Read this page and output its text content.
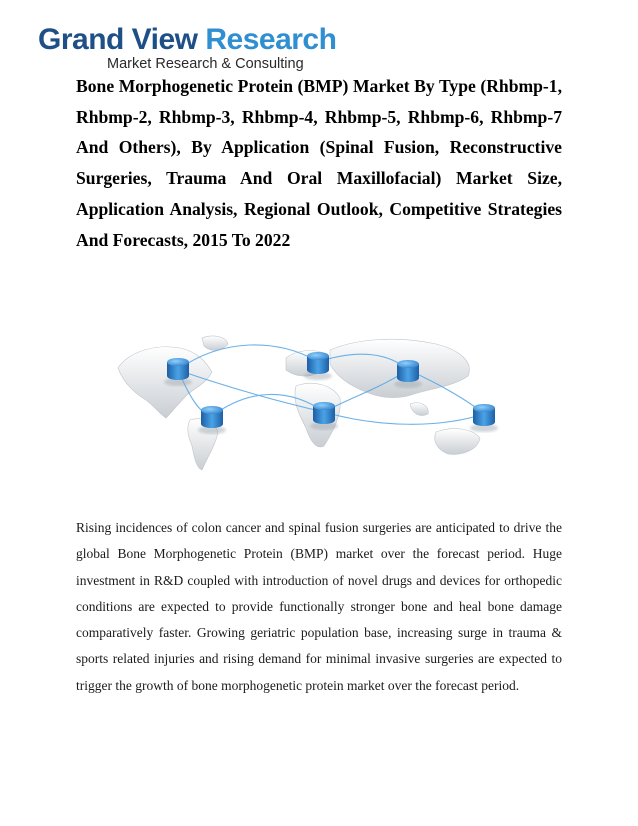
Grand View Research
Market Research & Consulting
Bone Morphogenetic Protein (BMP) Market By Type (Rhbmp-1, Rhbmp-2, Rhbmp-3, Rhbmp-4, Rhbmp-5, Rhbmp-6, Rhbmp-7 And Others), By Application (Spinal Fusion, Reconstructive Surgeries, Trauma And Oral Maxillofacial) Market Size, Application Analysis, Regional Outlook, Competitive Strategies And Forecasts, 2015 To 2022

Rising incidences of colon cancer and spinal fusion surgeries are anticipated to drive the global Bone Morphogenetic Protein (BMP) market over the forecast period. Huge investment in R&D coupled with introduction of novel drugs and devices for orthopedic conditions are expected to provide functionally stronger bone and heal bone damage comparatively faster. Growing geriatric population base, increasing surge in trauma & sports related injuries and rising demand for minimal invasive surgeries are expected to trigger the growth of bone morphogenetic protein market over the forecast period.
